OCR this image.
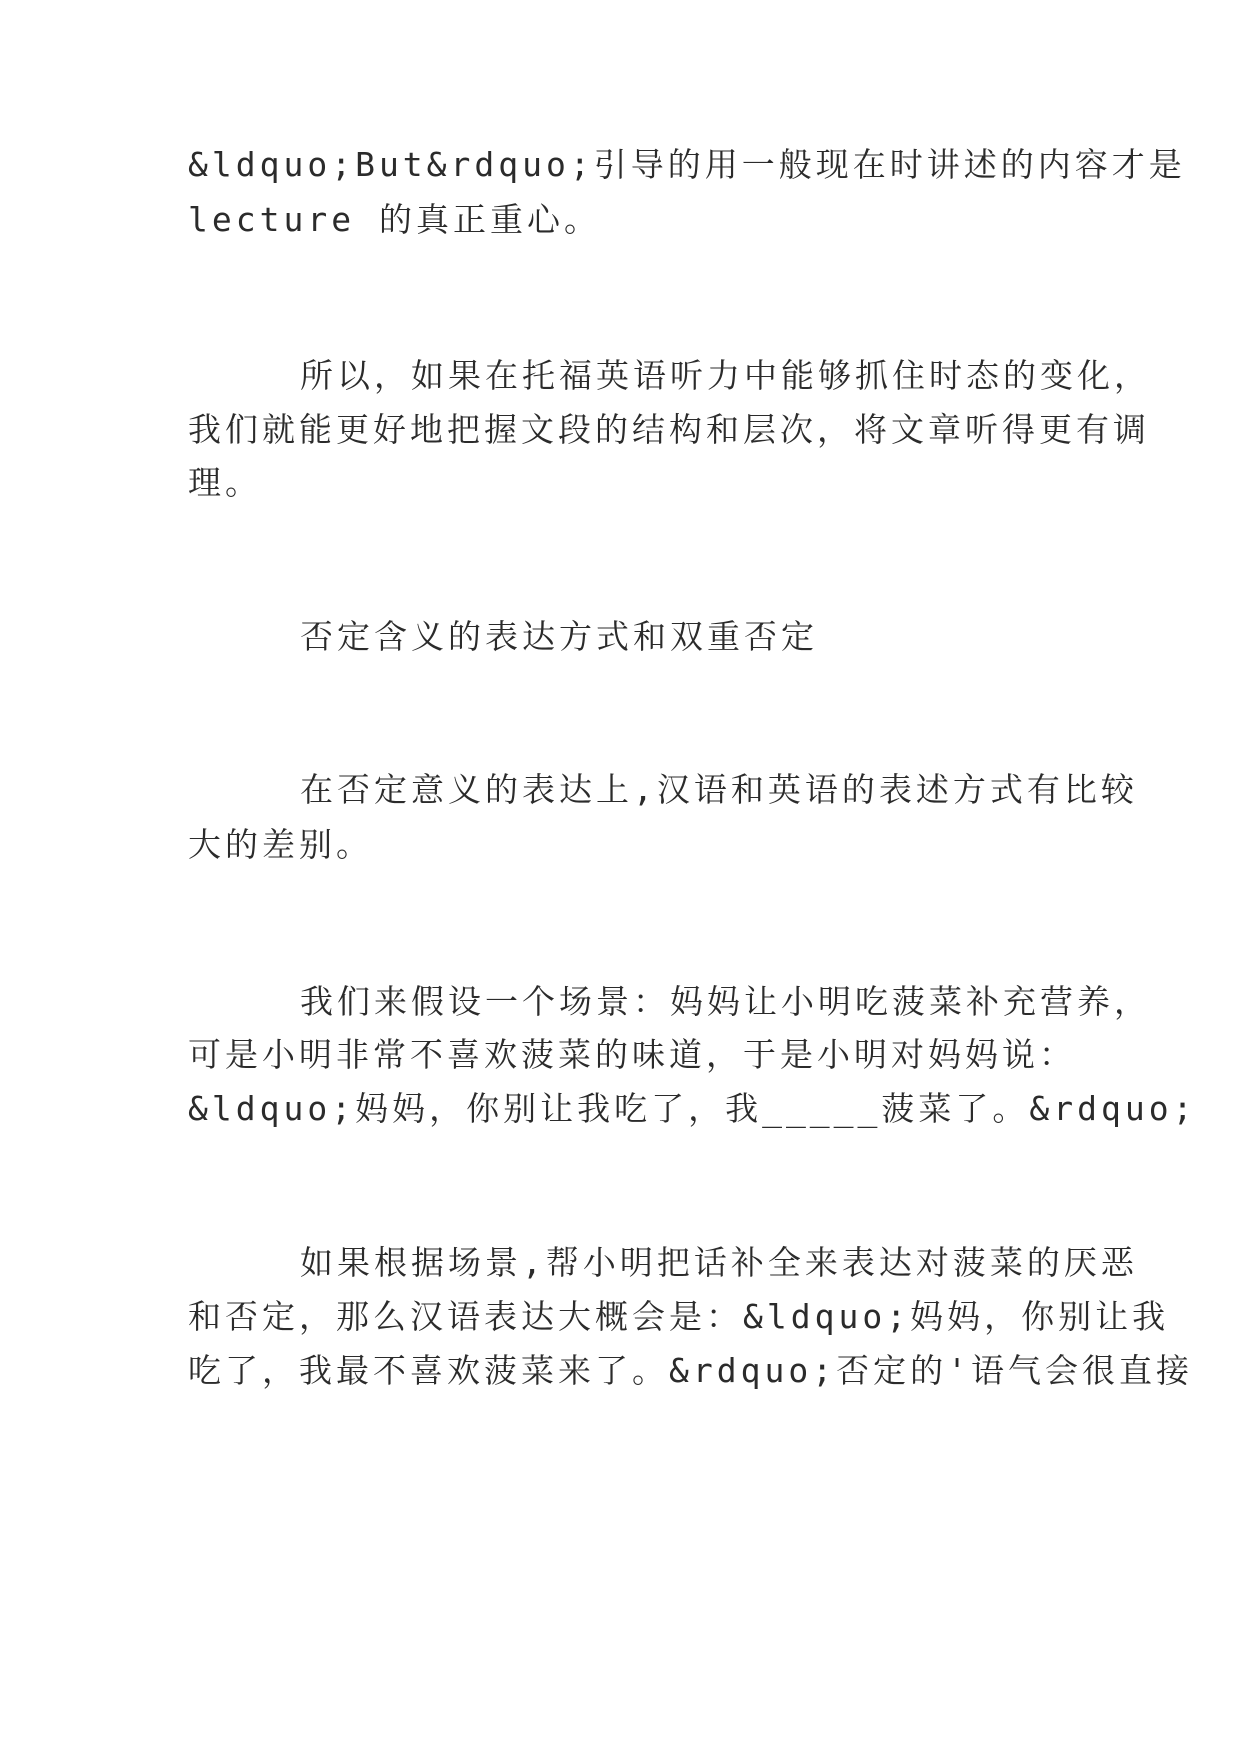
&ldquo;But&rdquo;引导的用一般现在时讲述的内容才是

lecture 的真正重心。

所以，如果在托福英语听力中能够抓住时态的变化，

我们就能更好地把握文段的结构和层次，将文章听得更有调

理。

否定含义的表达方式和双重否定

在否定意义的表达上,汉语和英语的表述方式有比较

大的差别。

我们来假设一个场景：妈妈让小明吃菠菜补充营养，

可是小明非常不喜欢菠菜的味道，于是小明对妈妈说：

&ldquo;妈妈，你别让我吃了，我_____菠菜了。&rdquo;

如果根据场景,帮小明把话补全来表达对菠菜的厌恶

和否定，那么汉语表达大概会是：&ldquo;妈妈，你别让我

吃了，我最不喜欢菠菜来了。&rdquo;否定的'语气会很直接
